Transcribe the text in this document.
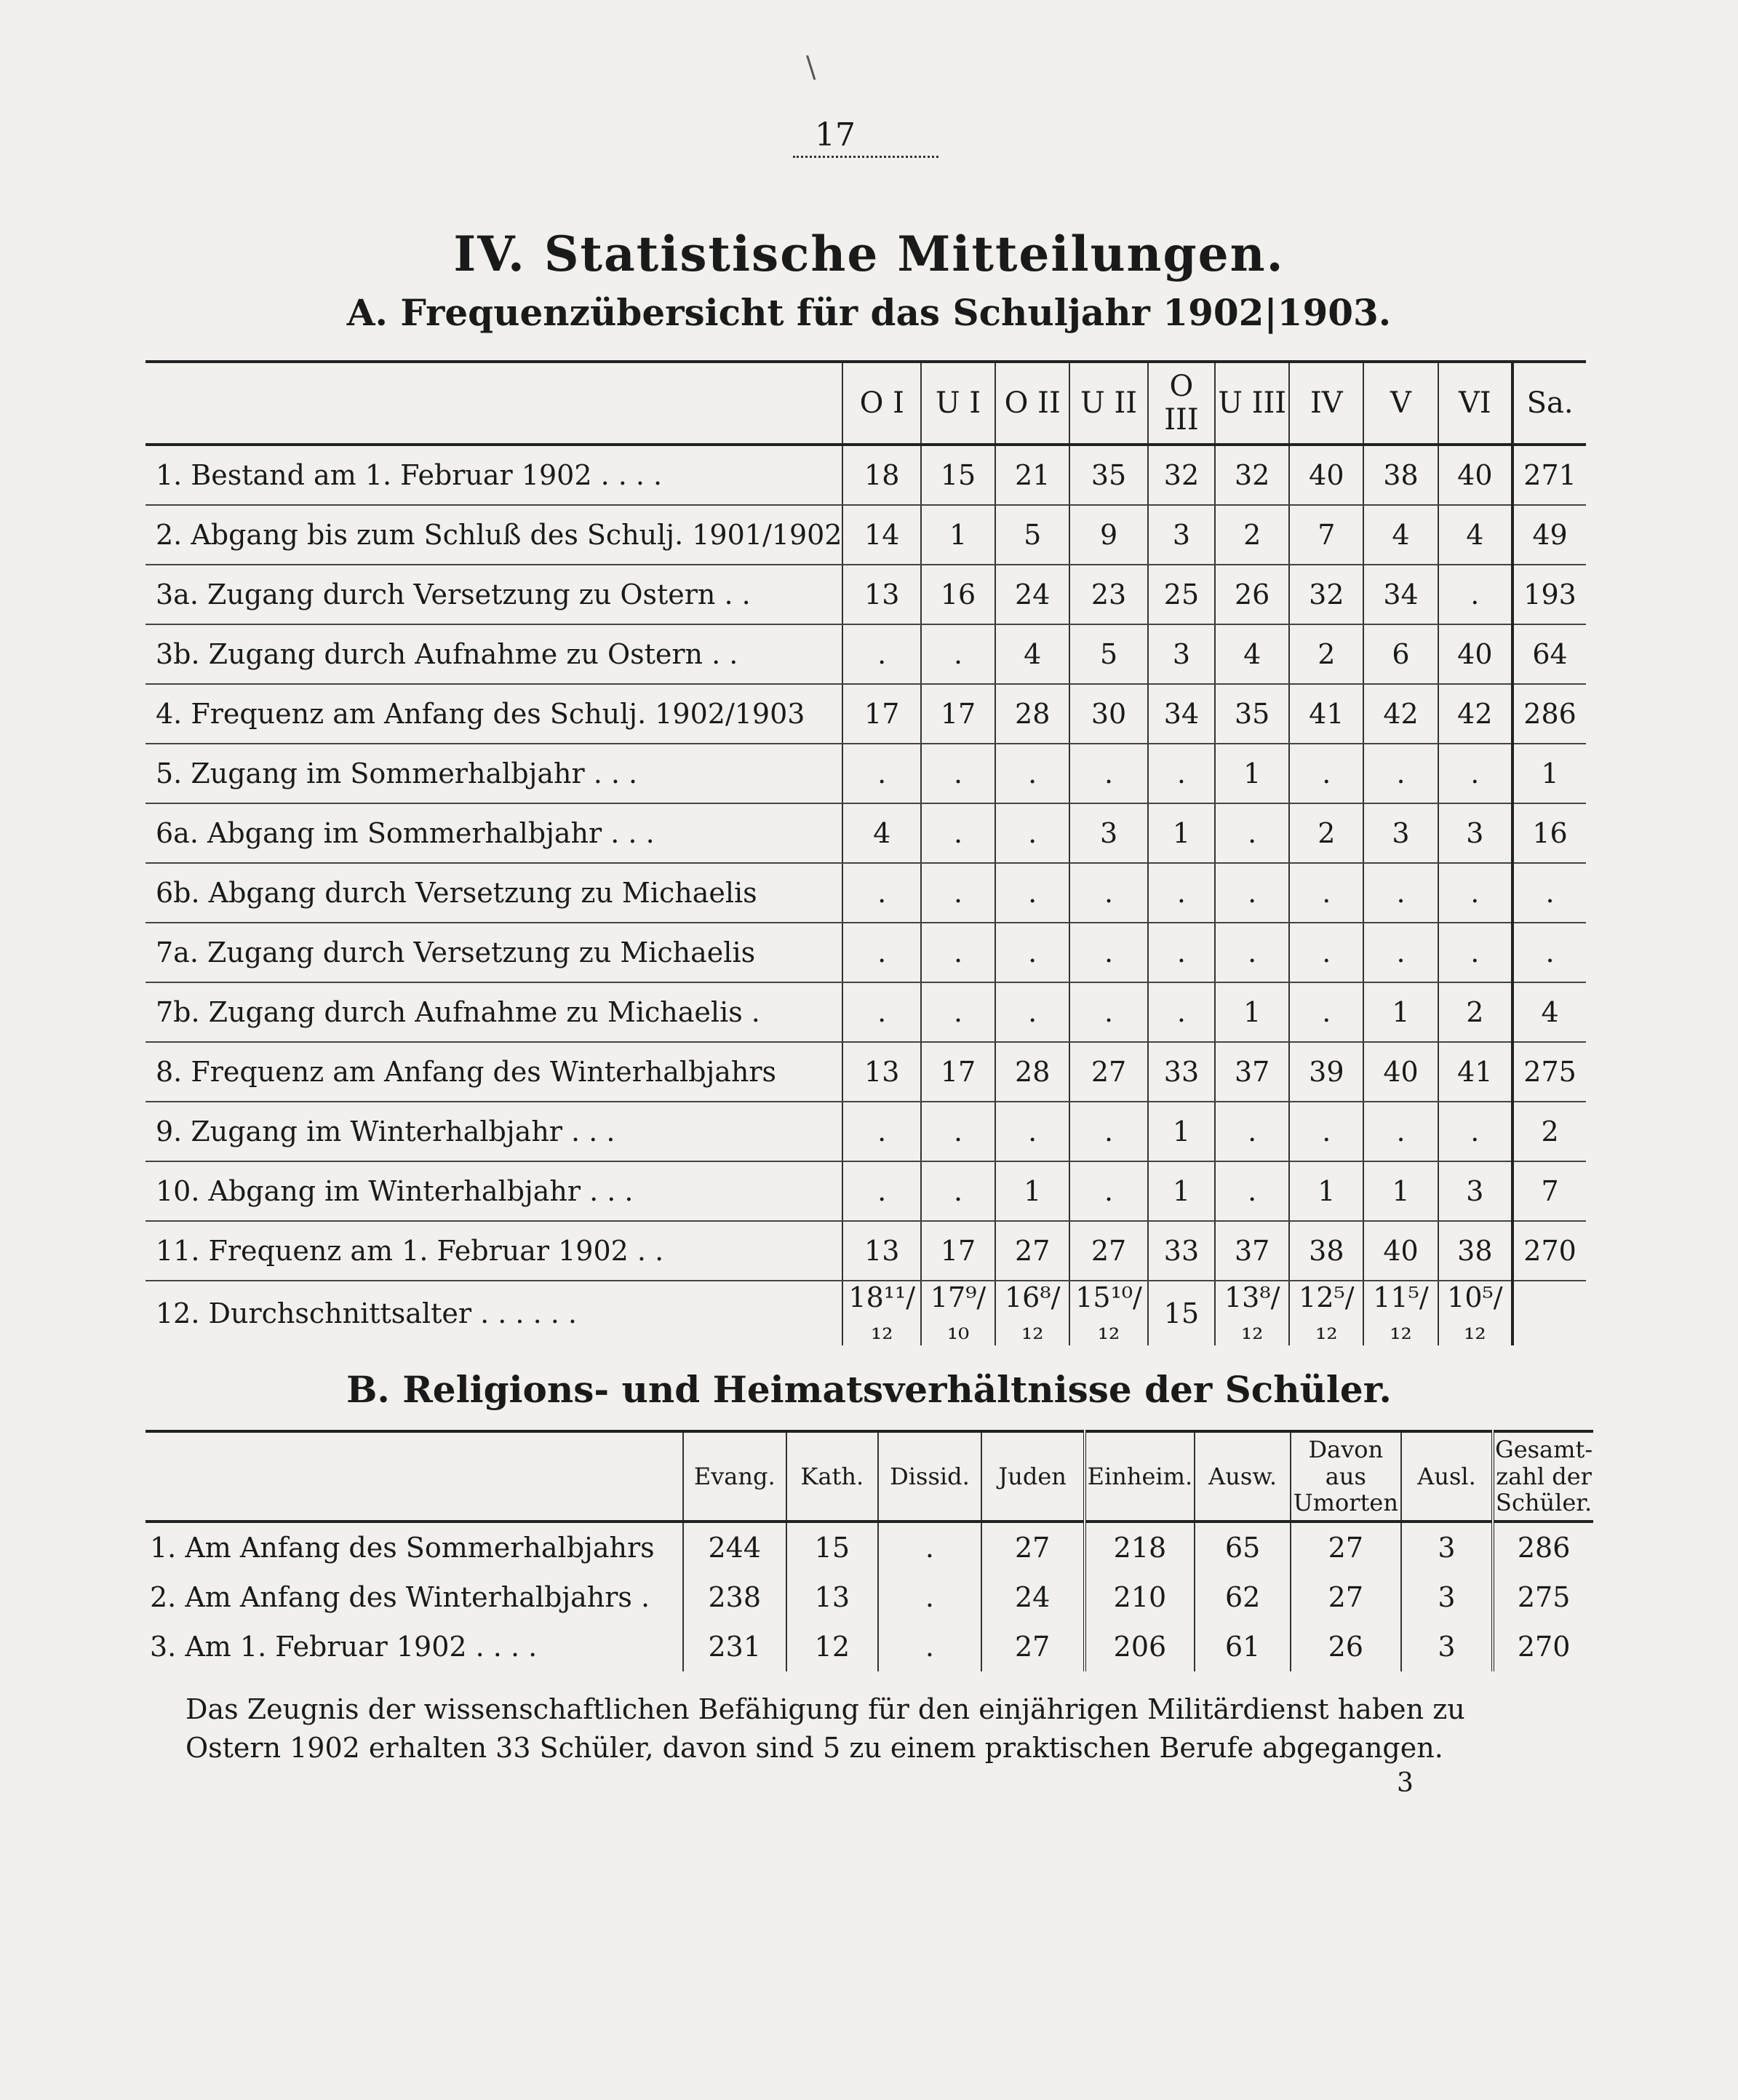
\
17
IV. Statistische Mitteilungen.
A. Frequenzübersicht für das Schuljahr 1902|1903.
	O I	U I	O II	U II	O III	U III	IV	V	VI	Sa.
1. Bestand am 1. Februar 1902 . . . .	18	15	21	35	32	32	40	38	40	271
2. Abgang bis zum Schluß des Schulj. 1901/1902	14	1	5	9	3	2	7	4	4	49
3a. Zugang durch Versetzung zu Ostern . .	13	16	24	23	25	26	32	34	.	193
3b. Zugang durch Aufnahme zu Ostern . .	.	.	4	5	3	4	2	6	40	64
4. Frequenz am Anfang des Schulj. 1902/1903	17	17	28	30	34	35	41	42	42	286
5. Zugang im Sommerhalbjahr . . .	.	.	.	.	.	1	.	.	.	1
6a. Abgang im Sommerhalbjahr . . .	4	.	.	3	1	.	2	3	3	16
6b. Abgang durch Versetzung zu Michaelis	.	.	.	.	.	.	.	.	.	.
7a. Zugang durch Versetzung zu Michaelis	.	.	.	.	.	.	.	.	.	.
7b. Zugang durch Aufnahme zu Michaelis .	.	.	.	.	.	1	.	1	2	4
8. Frequenz am Anfang des Winterhalbjahrs	13	17	28	27	33	37	39	40	41	275
9. Zugang im Winterhalbjahr . . .	.	.	.	.	1	.	.	.	.	2
10. Abgang im Winterhalbjahr . . .	.	.	1	.	1	.	1	1	3	7
11. Frequenz am 1. Februar 1902 . .	13	17	27	27	33	37	38	40	38	270
12. Durchschnittsalter . . . . . .	18¹¹/₁₂	17⁹/₁₀	16⁸/₁₂	15¹⁰/₁₂	15	13⁸/₁₂	12⁵/₁₂	11⁵/₁₂	10⁵/₁₂	
B. Religions- und Heimatsverhältnisse der Schüler.
	Evang.	Kath.	Dissid.	Juden	Einheim.	Ausw.	Davon aus Umorten	Ausl.	Gesamt-zahl der Schüler.
1. Am Anfang des Sommerhalbjahrs	244	15	.	27	218	65	27	3	286
2. Am Anfang des Winterhalbjahrs .	238	13	.	24	210	62	27	3	275
3. Am 1. Februar 1902 . . . .	231	12	.	27	206	61	26	3	270
Das Zeugnis der wissenschaftlichen Befähigung für den einjährigen Militärdienst haben zu
Ostern 1902 erhalten 33 Schüler, davon sind 5 zu einem praktischen Berufe abgegangen.
3
